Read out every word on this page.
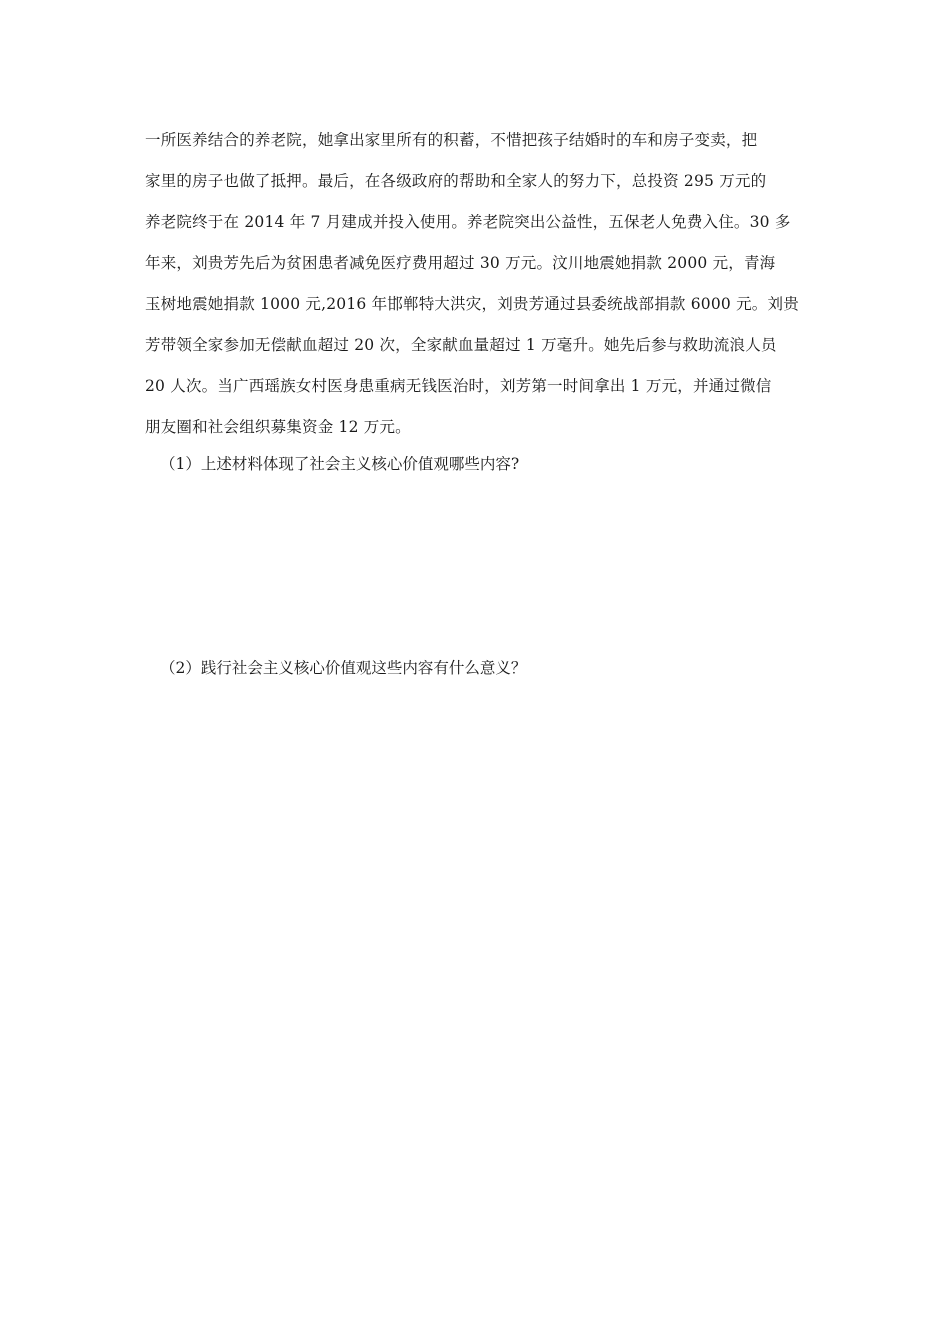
一所医养结合的养老院，她拿出家里所有的积蓄，不惜把孩子结婚时的车和房子变卖，把
家里的房子也做了抵押。最后，在各级政府的帮助和全家人的努力下，总投资 295 万元的
养老院终于在 2014 年 7 月建成并投入使用。养老院突出公益性，五保老人免费入住。30 多
年来，刘贵芳先后为贫困患者减免医疗费用超过 30 万元。汶川地震她捐款 2000 元，青海
玉树地震她捐款 1000 元,2016 年邯郸特大洪灾，刘贵芳通过县委统战部捐款 6000 元。刘贵
芳带领全家参加无偿献血超过 20 次，全家献血量超过 1 万毫升。她先后参与救助流浪人员
20 人次。当广西瑶族女村医身患重病无钱医治时，刘芳第一时间拿出 1 万元，并通过微信
朋友圈和社会组织募集资金 12 万元。

（1）上述材料体现了社会主义核心价值观哪些内容?

（2）践行社会主义核心价值观这些内容有什么意义？
